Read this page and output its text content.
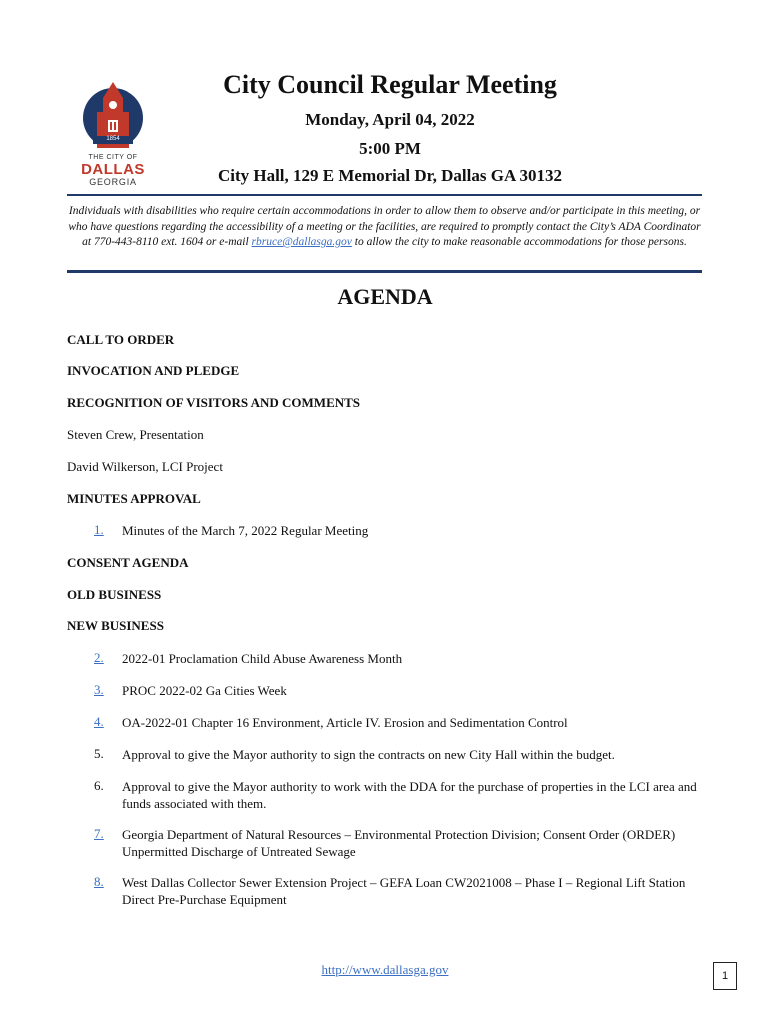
1854
THE CITY OF
DALLAS
GEORGIA
City Council Regular Meeting
Monday, April 04, 2022
5:00 PM
City Hall, 129 E Memorial Dr, Dallas GA 30132
Individuals with disabilities who require certain accommodations in order to allow them to observe and/or participate in this meeting, or who have questions regarding the accessibility of a meeting or the facilities, are required to promptly contact the City’s ADA Coordinator at 770-443-8110 ext. 1604 or e-mail rbruce@dallasga.gov to allow the city to make reasonable accommodations for those persons.
AGENDA
CALL TO ORDER
INVOCATION AND PLEDGE
RECOGNITION OF VISITORS AND COMMENTS
Steven Crew, Presentation
David Wilkerson, LCI Project
MINUTES APPROVAL
1. Minutes of the March 7, 2022 Regular Meeting
CONSENT AGENDA
OLD BUSINESS
NEW BUSINESS
2. 2022-01 Proclamation Child Abuse Awareness Month
3. PROC 2022-02 Ga Cities Week
4. OA-2022-01 Chapter 16 Environment, Article IV. Erosion and Sedimentation Control
5. Approval to give the Mayor authority to sign the contracts on new City Hall within the budget.
6. Approval to give the Mayor authority to work with the DDA for the purchase of properties in the LCI area and funds associated with them.
7. Georgia Department of Natural Resources – Environmental Protection Division; Consent Order (ORDER) Unpermitted Discharge of Untreated Sewage
8. West Dallas Collector Sewer Extension Project – GEFA Loan CW2021008 – Phase I – Regional Lift Station Direct Pre-Purchase Equipment
http://www.dallasga.gov	1
